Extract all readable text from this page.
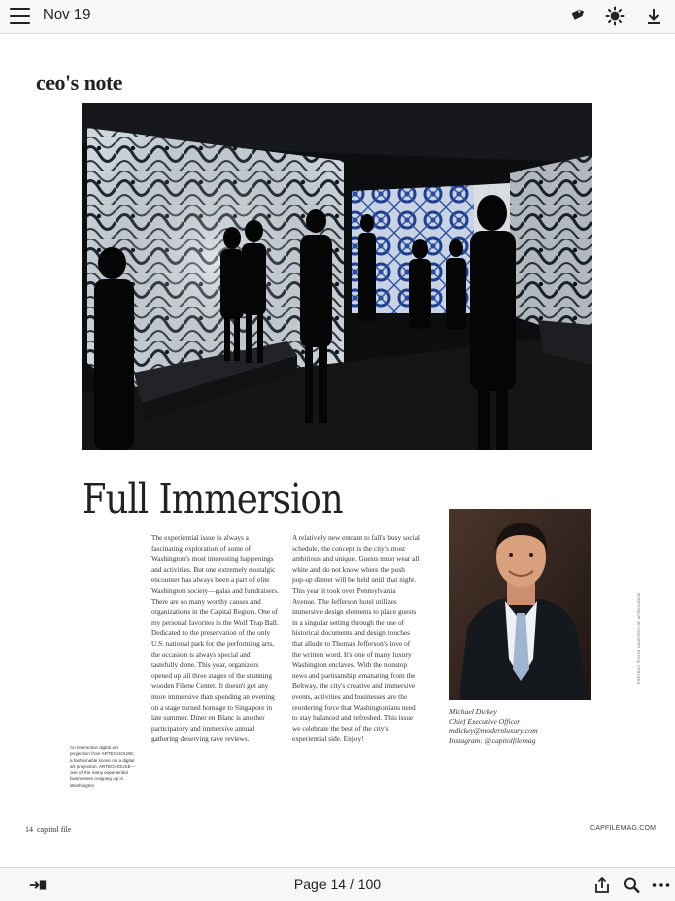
Nov 19
ceo's note
Full Immersion
An interactive digital art projection from ARTECHOUSE; a fashionable scene on a digital art projection. ARTECHOUSE—one of the many experiential businesses cropping up in Washington
The experiential issue is always a fascinating exploration of some of Washington's most interesting happenings and activities. But one extremely nostalgic encounter has always been a part of elite Washington society—galas and fundraisers. There are so many worthy causes and organizations in the Capital Region. One of my personal favorites is the Wolf Trap Ball. Dedicated to the preservation of the only U.S. national park for the performing arts, the occasion is always special and tastefully done. This year, organizers opened up all three stages of the stunning wooden Filene Center. It doesn't get any more immersive than spending an evening on a stage turned homage to Singapore in late summer. Diner en Blanc is another participatory and immersive annual gathering deserving rave reviews.
A relatively new entrant to fall's busy social schedule, the concept is the city's most ambitious and unique. Guests must wear all white and do not know where the posh pop-up dinner will be held until that night. This year it took over Pennsylvania Avenue. The Jefferson hotel utilizes immersive design elements to place guests in a singular setting through the use of historical documents and design touches that allude to Thomas Jefferson's love of the written word. It's one of many luxury Washington enclaves. With the nonstop news and partisanship emanating from the Beltway, the city's creative and immersive events, activities and businesses are the reordering force that Washingtonians need to stay balanced and refreshed. This issue we celebrate the best of the city's experiential side. Enjoy!
Michael Dickey
Chief Executive Officer
mdickey@modernluxury.com
Instagram: @capitolfilemag
PORTRAIT PHOTO COURTESY OF ARTECHOUSE
14 capitol file	CAPFILEMAG.COM
Page 14 / 100
